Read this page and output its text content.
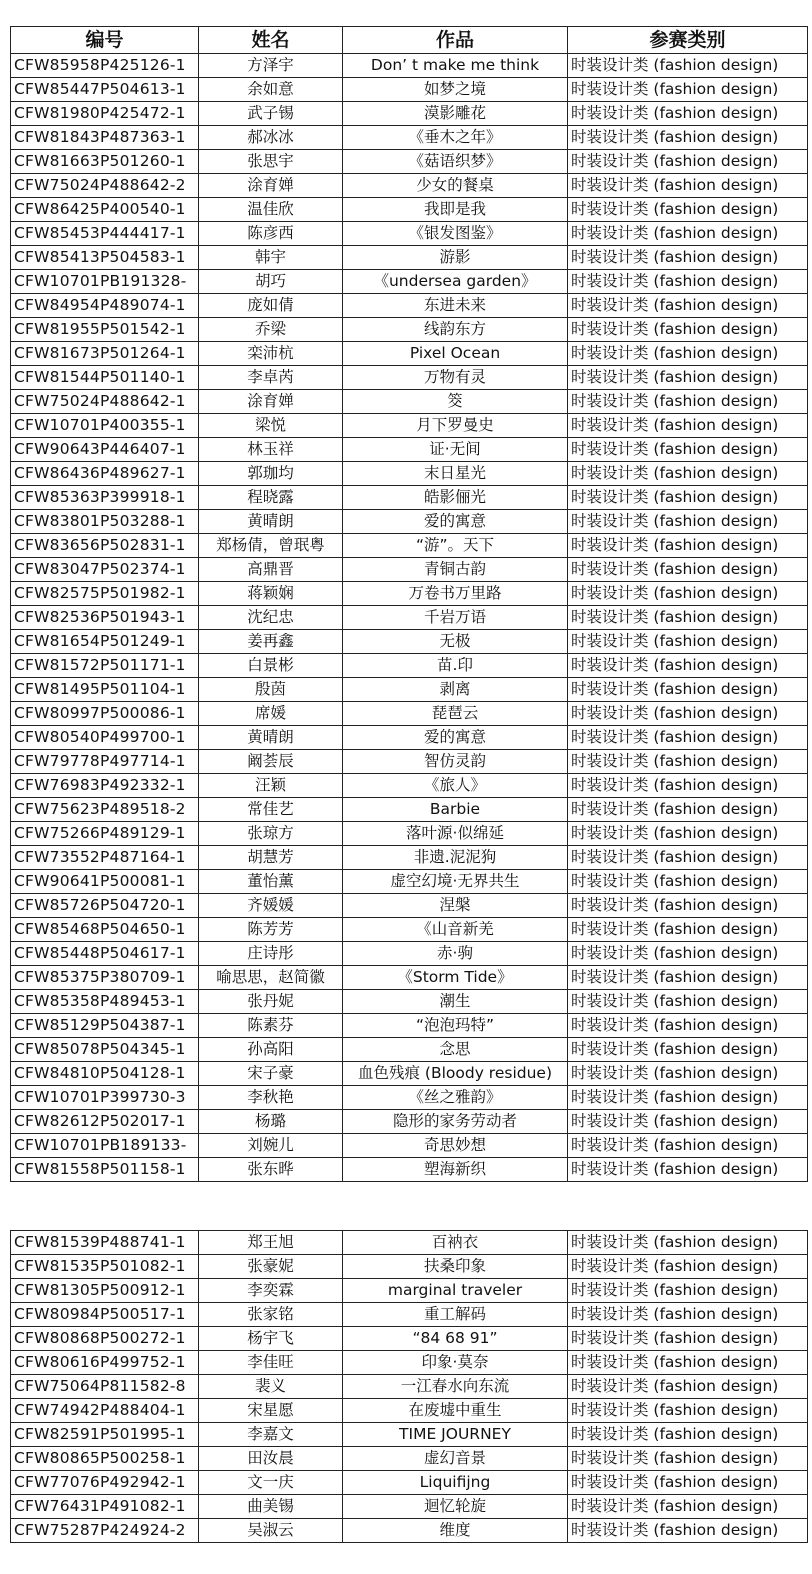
编号	姓名	作品	参赛类别
CFW85958P425126-1	方泽宇	Don’ t make me think	时装设计类 (fashion design)
CFW85447P504613-1	余如意	如梦之境	时装设计类 (fashion design)
CFW81980P425472-1	武子锡	漠影雕花	时装设计类 (fashion design)
CFW81843P487363-1	郝冰冰	《垂木之年》	时装设计类 (fashion design)
CFW81663P501260-1	张思宇	《菇语织梦》	时装设计类 (fashion design)
CFW75024P488642-2	涂育婵	少女的餐桌	时装设计类 (fashion design)
CFW86425P400540-1	温佳欣	我即是我	时装设计类 (fashion design)
CFW85453P444417-1	陈彦西	《银发图鉴》	时装设计类 (fashion design)
CFW85413P504583-1	韩宇	游影	时装设计类 (fashion design)
CFW10701PB191328-	胡巧	《undersea garden》	时装设计类 (fashion design)
CFW84954P489074-1	庞如倩	东进未来	时装设计类 (fashion design)
CFW81955P501542-1	乔梁	线韵东方	时装设计类 (fashion design)
CFW81673P501264-1	栾沛杭	Pixel Ocean	时装设计类 (fashion design)
CFW81544P501140-1	李卓芮	万物有灵	时装设计类 (fashion design)
CFW75024P488642-1	涂育婵	筊	时装设计类 (fashion design)
CFW10701P400355-1	梁悦	月下罗曼史	时装设计类 (fashion design)
CFW90643P446407-1	林玉祥	证·无间	时装设计类 (fashion design)
CFW86436P489627-1	郭珈均	末日星光	时装设计类 (fashion design)
CFW85363P399918-1	程晓露	皓影俪光	时装设计类 (fashion design)
CFW83801P503288-1	黄晴朗	爱的寓意	时装设计类 (fashion design)
CFW83656P502831-1	郑杨倩，曾珉粤	“游”。天下	时装设计类 (fashion design)
CFW83047P502374-1	高鼎晋	青铜古韵	时装设计类 (fashion design)
CFW82575P501982-1	蒋颖娴	万卷书万里路	时装设计类 (fashion design)
CFW82536P501943-1	沈纪忠	千岩万语	时装设计类 (fashion design)
CFW81654P501249-1	姜再鑫	无极	时装设计类 (fashion design)
CFW81572P501171-1	白景彬	苗.印	时装设计类 (fashion design)
CFW81495P501104-1	殷茵	剥离	时装设计类 (fashion design)
CFW80997P500086-1	席媛	琵琶云	时装设计类 (fashion design)
CFW80540P499700-1	黄晴朗	爱的寓意	时装设计类 (fashion design)
CFW79778P497714-1	阚荟辰	智仿灵韵	时装设计类 (fashion design)
CFW76983P492332-1	汪颖	《旅人》	时装设计类 (fashion design)
CFW75623P489518-2	常佳艺	Barbie	时装设计类 (fashion design)
CFW75266P489129-1	张琼方	落叶源·似绵延	时装设计类 (fashion design)
CFW73552P487164-1	胡慧芳	非遗.泥泥狗	时装设计类 (fashion design)
CFW90641P500081-1	董怡薰	虚空幻境·无界共生	时装设计类 (fashion design)
CFW85726P504720-1	齐媛媛	涅槃	时装设计类 (fashion design)
CFW85468P504650-1	陈芳芳	《山音新羌	时装设计类 (fashion design)
CFW85448P504617-1	庄诗彤	赤·驹	时装设计类 (fashion design)
CFW85375P380709-1	喻思思，赵简徽	《Storm Tide》	时装设计类 (fashion design)
CFW85358P489453-1	张丹妮	潮生	时装设计类 (fashion design)
CFW85129P504387-1	陈素芬	“泡泡玛特”	时装设计类 (fashion design)
CFW85078P504345-1	孙高阳	念思	时装设计类 (fashion design)
CFW84810P504128-1	宋子豪	血色残痕 (Bloody residue)	时装设计类 (fashion design)
CFW10701P399730-3	李秋艳	《丝之雅韵》	时装设计类 (fashion design)
CFW82612P502017-1	杨璐	隐形的家务劳动者	时装设计类 (fashion design)
CFW10701PB189133-	刘婉儿	奇思妙想	时装设计类 (fashion design)
CFW81558P501158-1	张东晔	塑海新织	时装设计类 (fashion design)
CFW81539P488741-1	郑王旭	百衲衣	时装设计类 (fashion design)
CFW81535P501082-1	张豪妮	扶桑印象	时装设计类 (fashion design)
CFW81305P500912-1	李奕霖	marginal traveler	时装设计类 (fashion design)
CFW80984P500517-1	张家铭	重工解码	时装设计类 (fashion design)
CFW80868P500272-1	杨宇飞	“84 68 91”	时装设计类 (fashion design)
CFW80616P499752-1	李佳旺	印象·莫奈	时装设计类 (fashion design)
CFW75064P811582-8	裴义	一江春水向东流	时装设计类 (fashion design)
CFW74942P488404-1	宋星愿	在废墟中重生	时装设计类 (fashion design)
CFW82591P501995-1	李嘉文	TIME JOURNEY	时装设计类 (fashion design)
CFW80865P500258-1	田汝晨	虚幻音景	时装设计类 (fashion design)
CFW77076P492942-1	文一庆	Liquifijng	时装设计类 (fashion design)
CFW76431P491082-1	曲美锡	迴忆轮旋	时装设计类 (fashion design)
CFW75287P424924-2	吴淑云	维度	时装设计类 (fashion design)
